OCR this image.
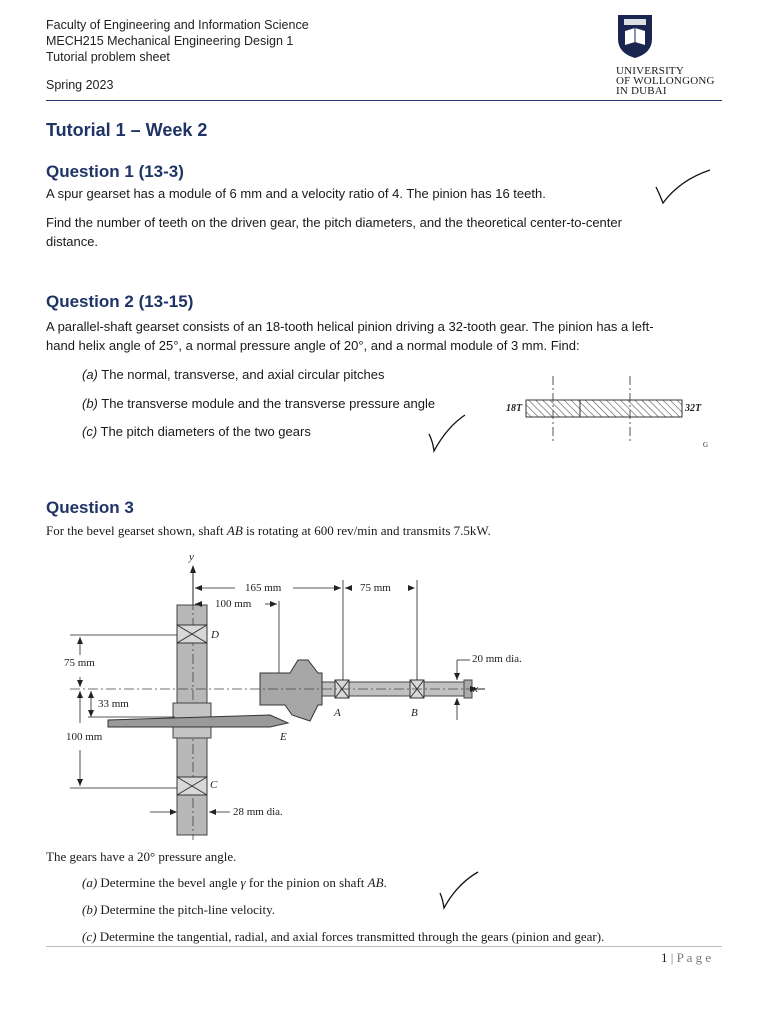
Faculty of Engineering and Information Science
MECH215 Mechanical Engineering Design 1
Tutorial problem sheet
Spring 2023
UNIVERSITY
OF WOLLONGONG
IN DUBAI
Tutorial 1 – Week 2
Question 1 (13-3)
A spur gearset has a module of 6 mm and a velocity ratio of 4. The pinion has 16 teeth.
Find the number of teeth on the driven gear, the pitch diameters, and the theoretical center-to-center
distance.
Question 2 (13-15)
A parallel-shaft gearset consists of an 18-tooth helical pinion driving a 32-tooth gear. The pinion has a left-
hand helix angle of 25°, a normal pressure angle of 20°, and a normal module of 3 mm. Find:
(a) The normal, transverse, and axial circular pitches
(b) The transverse module and the transverse pressure angle
(c) The pitch diameters of the two gears
18T	32T
G
Question 3
For the bevel gearset shown, shaft AB is rotating at 600 rev/min and transmits 7.5kW.
y
x
165 mm
100 mm
75 mm
75 mm
33 mm
100 mm
20 mm dia.
28 mm dia.
D
A	B
E
C
The gears have a 20° pressure angle.
(a) Determine the bevel angle γ for the pinion on shaft AB.
(b) Determine the pitch-line velocity.
(c) Determine the tangential, radial, and axial forces transmitted through the gears (pinion and gear).
1 | P a g e
